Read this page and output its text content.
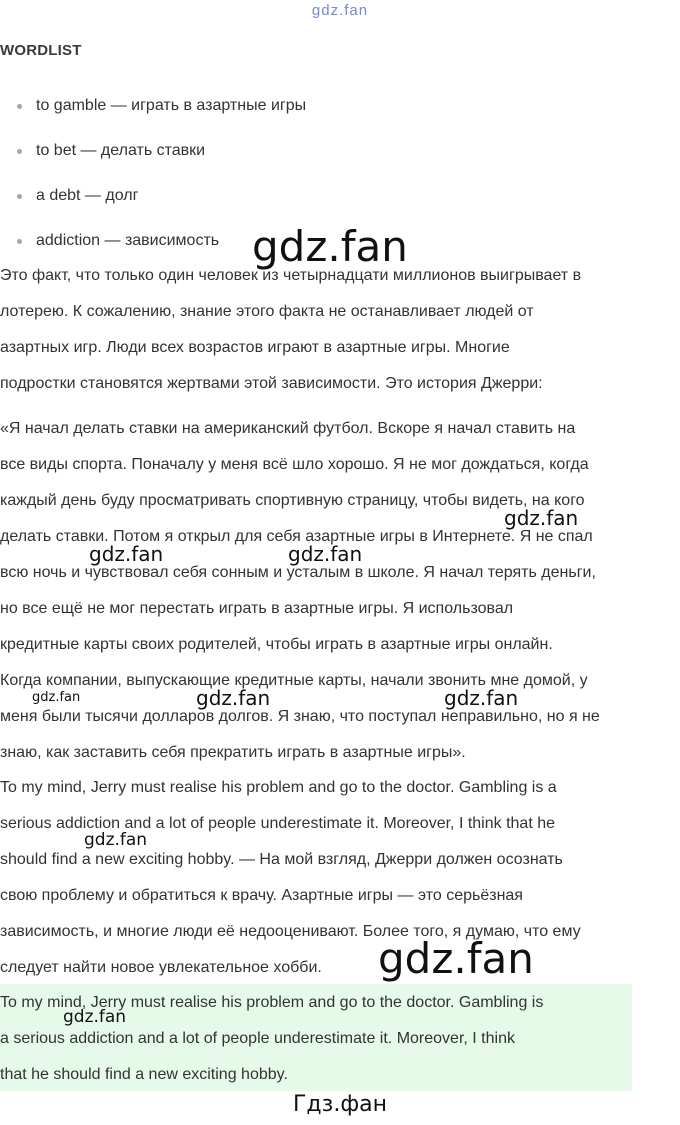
gdz.fan
WORDLIST
to gamble — играть в азартные игры
to bet — делать ставки
a debt — долг
addiction — зависимость

Это факт, что только один человек из четырнадцати миллионов выигрывает в
лотерею. К сожалению, знание этого факта не останавливает людей от
азартных игр. Люди всех возрастов играют в азартные игры. Многие
подростки становятся жертвами этой зависимости. Это история Джерри:

«Я начал делать ставки на американский футбол. Вскоре я начал ставить на
все виды спорта. Поначалу у меня всё шло хорошо. Я не мог дождаться, когда
каждый день буду просматривать спортивную страницу, чтобы видеть, на кого
делать ставки. Потом я открыл для себя азартные игры в Интернете. Я не спал
всю ночь и чувствовал себя сонным и усталым в школе. Я начал терять деньги,
но все ещё не мог перестать играть в азартные игры. Я использовал
кредитные карты своих родителей, чтобы играть в азартные игры онлайн.
Когда компании, выпускающие кредитные карты, начали звонить мне домой, у
меня были тысячи долларов долгов. Я знаю, что поступал неправильно, но я не
знаю, как заставить себя прекратить играть в азартные игры».

To my mind, Jerry must realise his problem and go to the doctor. Gambling is a
serious addiction and a lot of people underestimate it. Moreover, I think that he
should find a new exciting hobby. — На мой взгляд, Джерри должен осознать
свою проблему и обратиться к врачу. Азартные игры — это серьёзная
зависимость, и многие люди её недооценивают. Более того, я думаю, что ему
следует найти новое увлекательное хобби.

To my mind, Jerry must realise his problem and go to the doctor. Gambling is
a serious addiction and a lot of people underestimate it. Moreover, I think
that he should find a new exciting hobby.

gdz.fan
gdz.fan
gdz.fan	gdz.fan
gdz.fan	gdz.fan	gdz.fan
gdz.fan
gdz.fan
gdz.fan
Гдз.фан
